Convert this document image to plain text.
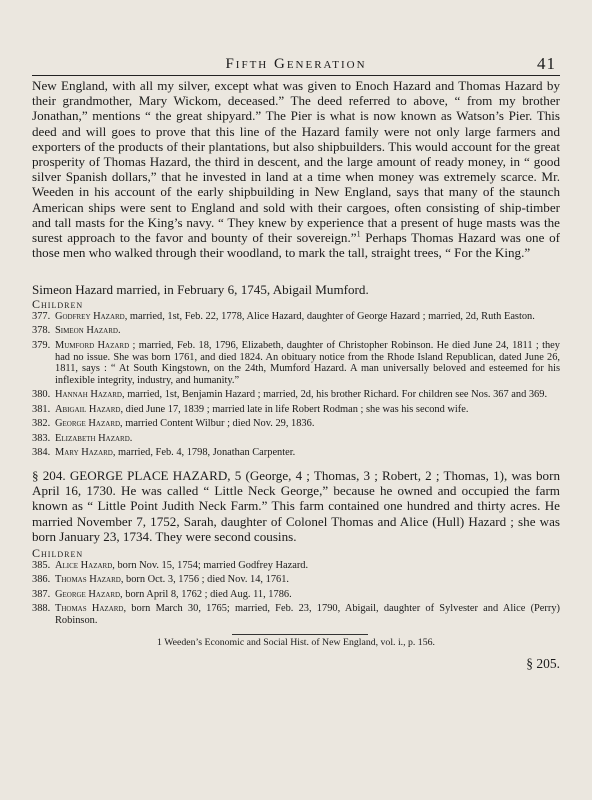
Fifth Generation	41

New England, with all my silver, except what was given to Enoch Hazard and Thomas Hazard by their grandmother, Mary Wickom, deceased.” The deed referred to above, “ from my brother Jonathan,” mentions “ the great shipyard.” The Pier is what is now known as Watson’s Pier. This deed and will goes to prove that this line of the Hazard family were not only large farmers and exporters of the products of their plantations, but also shipbuilders. This would account for the great prosperity of Thomas Hazard, the third in descent, and the large amount of ready money, in “ good silver Spanish dollars,” that he invested in land at a time when money was extremely scarce. Mr. Weeden in his account of the early shipbuilding in New England, says that many of the staunch American ships were sent to England and sold with their cargoes, often consisting of ship-timber and tall masts for the King’s navy. “ They knew by experience that a present of huge masts was the surest approach to the favor and bounty of their sovereign.”$^1$ Perhaps Thomas Hazard was one of those men who walked through their woodland, to mark the tall, straight trees, “ For the King.”

Simeon Hazard married, in February 6, 1745, Abigail Mumford.

Children
377. Godfrey Hazard, married, 1st, Feb. 22, 1778, Alice Hazard, daughter of George Hazard ; married, 2d, Ruth Easton.
378. Simeon Hazard.
379. Mumford Hazard ; married, Feb. 18, 1796, Elizabeth, daughter of Christopher Robinson. He died June 24, 1811 ; they had no issue. She was born 1761, and died 1824. An obituary notice from the Rhode Island Republican, dated June 26, 1811, says : “ At South Kingstown, on the 24th, Mumford Hazard. A man universally beloved and esteemed for his inflexible integrity, industry, and humanity.”
380. Hannah Hazard, married, 1st, Benjamin Hazard ; married, 2d, his brother Richard. For children see Nos. 367 and 369.
381. Abigail Hazard, died June 17, 1839 ; married late in life Robert Rodman ; she was his second wife.
382. George Hazard, married Content Wilbur ; died Nov. 29, 1836.
383. Elizabeth Hazard.
384. Mary Hazard, married, Feb. 4, 1798, Jonathan Carpenter.

§ 204. GEORGE PLACE HAZARD, 5 (George, 4 ; Thomas, 3 ; Robert, 2 ; Thomas, 1), was born April 16, 1730. He was called “ Little Neck George,” because he owned and occupied the farm known as “ Little Point Judith Neck Farm.” This farm contained one hundred and thirty acres. He married November 7, 1752, Sarah, daughter of Colonel Thomas and Alice (Hull) Hazard ; she was born January 23, 1734. They were second cousins.

Children
385. Alice Hazard, born Nov. 15, 1754; married Godfrey Hazard.
386. Thomas Hazard, born Oct. 3, 1756 ; died Nov. 14, 1761.
387. George Hazard, born April 8, 1762 ; died Aug. 11, 1786.
388. Thomas Hazard, born March 30, 1765; married, Feb. 23, 1790, Abigail, daughter of Sylvester and Alice (Perry) Robinson.
1 Weeden’s Economic and Social Hist. of New England, vol. i., p. 156.
§ 205.
